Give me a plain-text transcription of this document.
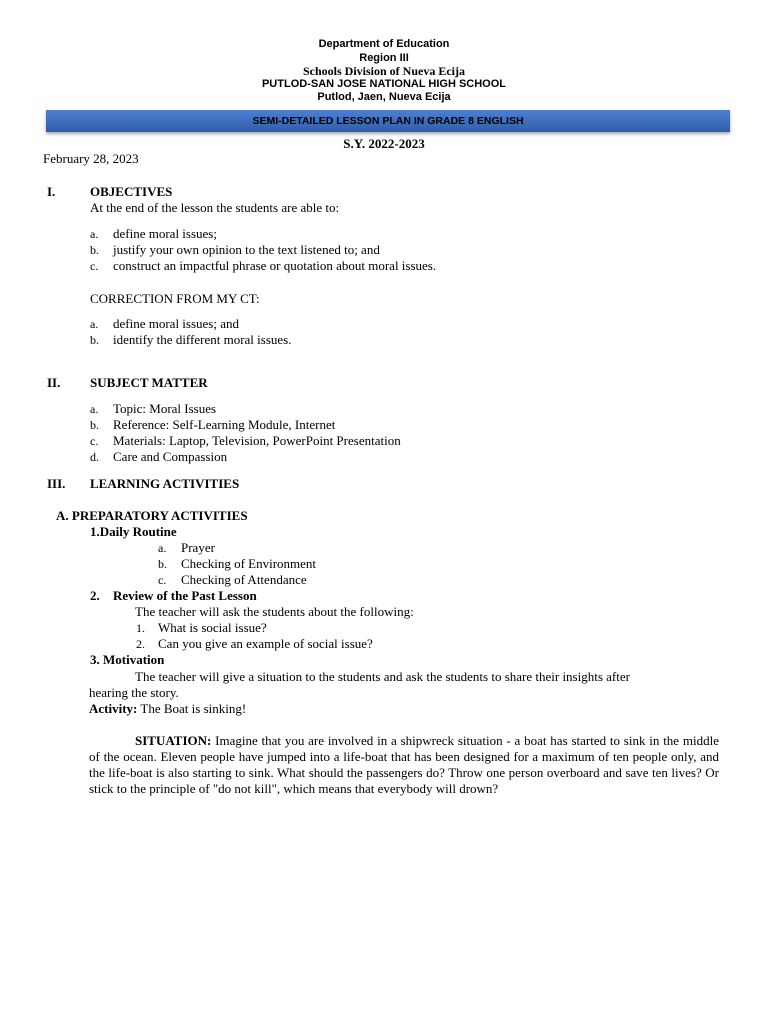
Department of Education
Region III
Schools Division of Nueva Ecija
PUTLOD-SAN JOSE NATIONAL HIGH SCHOOL
Putlod, Jaen, Nueva Ecija
SEMI-DETAILED LESSON PLAN IN GRADE 8 ENGLISH
S.Y. 2022-2023
February 28, 2023
I.	OBJECTIVES
At the end of the lesson the students are able to:
a. define moral issues;
b. justify your own opinion to the text listened to; and
c. construct an impactful phrase or quotation about moral issues.
CORRECTION FROM MY CT:
a. define moral issues; and
b. identify the different moral issues.
II. SUBJECT MATTER
a. Topic: Moral Issues
b. Reference: Self-Learning Module, Internet
c. Materials: Laptop, Television, PowerPoint Presentation
d. Care and Compassion
III. LEARNING ACTIVITIES
A. PREPARATORY ACTIVITIES
1.Daily Routine
a. Prayer
b. Checking of Environment
c. Checking of Attendance
2. Review of the Past Lesson
The teacher will ask the students about the following:
1. What is social issue?
2. Can you give an example of social issue?
3. Motivation
The teacher will give a situation to the students and ask the students to share their insights after
hearing the story.
Activity: The Boat is sinking!
SITUATION: Imagine that you are involved in a shipwreck situation - a boat has started to sink in the middle of the ocean. Eleven people have jumped into a life-boat that has been designed for a maximum of ten people only, and the life-boat is also starting to sink. What should the passengers do? Throw one person overboard and save ten lives? Or stick to the principle of "do not kill", which means that everybody will drown?
